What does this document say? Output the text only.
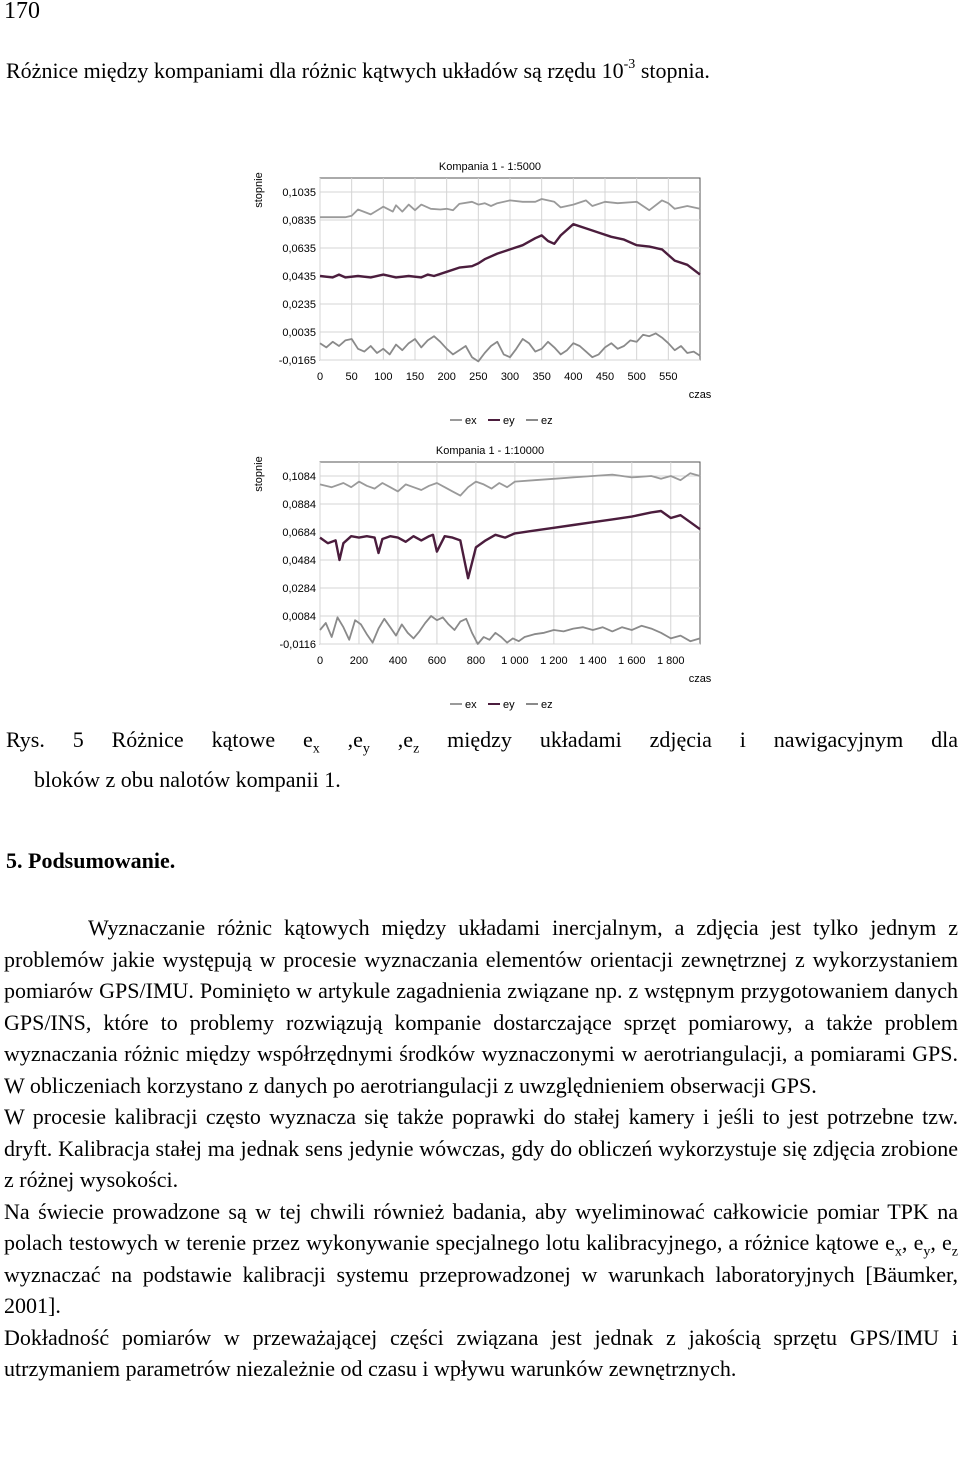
170
Różnice między kompaniami dla różnic kątwych układów są rzędu $10^{-3}$ stopnia.
0,1035
0,0835
0,0635
0,0435
0,0235
0,0035
-0,0165
0 50 100 150 200 250 300 350 400 450 500 550
Kompania 1 - 1:5000
stopnie
czas
ex ey ez
0,1084
0,0884
0,0684
0,0484
0,0284
0,0084
-0,0116
0 200 400 600 800 1 000 1 200 1 400 1 600 1 800
Kompania 1 - 1:10000
stopnie
czas
ex ey ez
Rys. 5 Różnice kątowe $e_x$ $,e_y$ $,e_z$ między układami zdjęcia i nawigacyjnym dla
bloków z obu nalotów kompanii 1.
5. Podsumowanie.

Wyznaczanie różnic kątowych między układami inercjalnym, a zdjęcia jest tylko jednym z problemów jakie występują w procesie wyznaczania elementów orientacji zewnętrznej z wykorzystaniem pomiarów GPS/IMU. Pominięto w artykule zagadnienia związane np. z wstępnym przygotowaniem danych GPS/INS, które to problemy rozwiązują kompanie dostarczające sprzęt pomiarowy, a także problem wyznaczania różnic między współrzędnymi środków wyznaczonymi w aerotriangulacji, a pomiarami GPS. W obliczeniach korzystano z danych po aerotriangulacji z uwzględnieniem obserwacji GPS.

W procesie kalibracji często wyznacza się także poprawki do stałej kamery i jeśli to jest potrzebne tzw. dryft. Kalibracja stałej ma jednak sens jedynie wówczas, gdy do obliczeń wykorzystuje się zdjęcia zrobione z różnej wysokości.

Na świecie prowadzone są w tej chwili również badania, aby wyeliminować całkowicie pomiar TPK na polach testowych w terenie przez wykonywanie specjalnego lotu kalibracyjnego, a różnice kątowe $e_x$, $e_y$, $e_z$ wyznaczać na podstawie kalibracji systemu przeprowadzonej w warunkach laboratoryjnych [Bäumker, 2001].

Dokładność pomiarów w przeważającej części związana jest jednak z jakością sprzętu GPS/IMU i utrzymaniem parametrów niezależnie od czasu i wpływu warunków zewnętrznych.
